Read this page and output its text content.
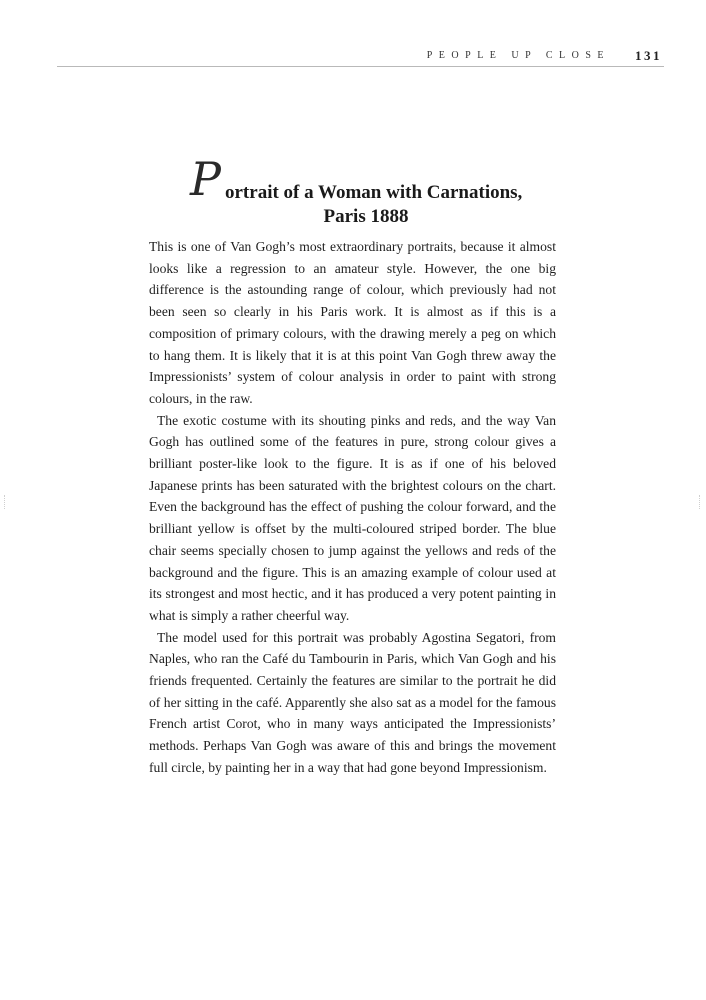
PEOPLE UP CLOSE 131
P ortrait of a Woman with Carnations,
Paris 1888

This is one of Van Gogh’s most extraordinary portraits, because it almost looks like a regression to an amateur style. However, the one big difference is the astounding range of colour, which previously had not been seen so clearly in his Paris work. It is almost as if this is a composition of primary colours, with the drawing merely a peg on which to hang them. It is likely that it is at this point Van Gogh threw away the Impressionists’ system of colour analysis in order to paint with strong colours, in the raw.

The exotic costume with its shouting pinks and reds, and the way Van Gogh has outlined some of the features in pure, strong colour gives a brilliant poster-like look to the figure. It is as if one of his beloved Japanese prints has been saturated with the brightest colours on the chart. Even the background has the effect of pushing the colour forward, and the brilliant yellow is offset by the multi-coloured striped border. The blue chair seems specially chosen to jump against the yellows and reds of the background and the figure. This is an amazing example of colour used at its strongest and most hectic, and it has produced a very potent painting in what is simply a rather cheerful way.

The model used for this portrait was probably Agostina Segatori, from Naples, who ran the Café du Tambourin in Paris, which Van Gogh and his friends frequented. Certainly the features are similar to the portrait he did of her sitting in the café. Apparently she also sat as a model for the famous French artist Corot, who in many ways anticipated the Impressionists’ methods. Perhaps Van Gogh was aware of this and brings the movement full circle, by painting her in a way that had gone beyond Impressionism.
